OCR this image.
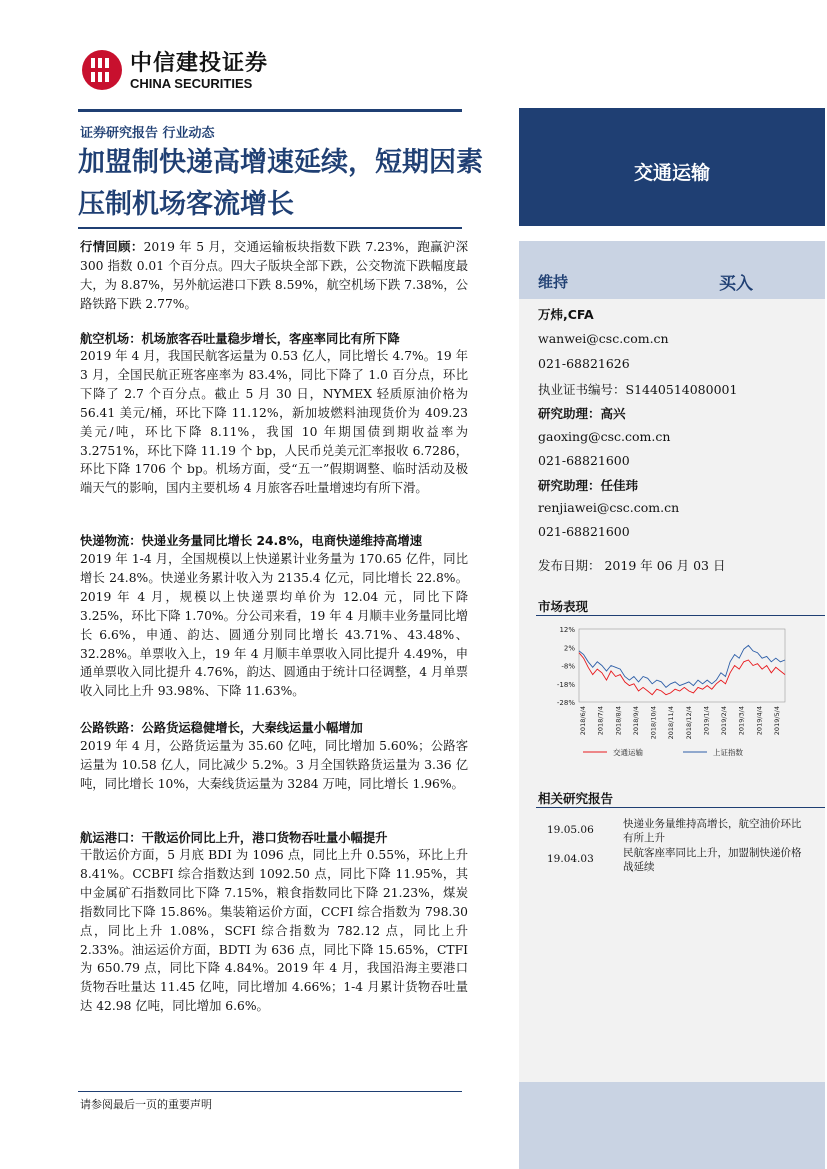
中信建投证券
CHINA SECURITIES
证券研究报告 行业动态
加盟制快递高增速延续，短期因素压制机场客流增长
交通运输
维持	买入
万炜,CFA
wanwei@csc.com.cn
021-68821626
执业证书编号：S1440514080001
研究助理：高兴
gaoxing@csc.com.cn
021-68821600
研究助理：任佳玮
renjiawei@csc.com.cn
021-68821600
发布日期： 2019 年 06 月 03 日
市场表现
相关研究报告
19.05.06	快递业务量维持高增长，航空油价环比有所上升
19.04.03	民航客座率同比上升，加盟制快递价格战延续
12%
2%
-8%
-18%
-28%
2018/6/4 2018/7/4 2018/8/4 2018/9/4 2018/10/4 2018/11/4 2018/12/4 2019/1/4 2019/2/4 2019/3/4 2019/4/4 2019/5/4
交通运输	上证指数
行情回顾：2019 年 5 月，交通运输板块指数下跌 7.23%，跑赢沪深 300 指数 0.01 个百分点。四大子版块全部下跌，公交物流下跌幅度最大，为 8.87%，另外航运港口下跌 8.59%，航空机场下跌 7.38%，公路铁路下跌 2.77%。
航空机场：机场旅客吞吐量稳步增长，客座率同比有所下降
2019 年 4 月，我国民航客运量为 0.53 亿人，同比增长 4.7%。19 年 3 月，全国民航正班客座率为 83.4%，同比下降了 1.0 百分点，环比下降了 2.7 个百分点。截止 5 月 30 日，NYMEX 轻质原油价格为 56.41 美元/桶，环比下降 11.12%，新加坡燃料油现货价为 409.23 美元/吨，环比下降 8.11%，我国 10 年期国债到期收益率为 3.2751%，环比下降 11.19 个 bp，人民币兑美元汇率报收 6.7286，环比下降 1706 个 bp。机场方面，受“五一”假期调整、临时活动及极端天气的影响，国内主要机场 4 月旅客吞吐量增速均有所下滑。
快递物流：快递业务量同比增长 24.8%，电商快递维持高增速
2019 年 1-4 月，全国规模以上快递累计业务量为 170.65 亿件，同比增长 24.8%。快递业务累计收入为 2135.4 亿元，同比增长 22.8%。2019 年 4 月，规模以上快递票均单价为 12.04 元，同比下降 3.25%，环比下降 1.70%。分公司来看，19 年 4 月顺丰业务量同比增长 6.6%，申通、韵达、圆通分别同比增长 43.71%、43.48%、32.28%。单票收入上，19 年 4 月顺丰单票收入同比提升 4.49%，申通单票收入同比提升 4.76%，韵达、圆通由于统计口径调整，4 月单票收入同比上升 93.98%、下降 11.63%。
公路铁路：公路货运稳健增长，大秦线运量小幅增加
2019 年 4 月，公路货运量为 35.60 亿吨，同比增加 5.60%；公路客运量为 10.58 亿人，同比减少 5.2%。3 月全国铁路货运量为 3.36 亿吨，同比增长 10%，大秦线货运量为 3284 万吨，同比增长 1.96%。
航运港口：干散运价同比上升，港口货物吞吐量小幅提升
干散运价方面，5 月底 BDI 为 1096 点，同比上升 0.55%，环比上升 8.41%。CCBFI 综合指数达到 1092.50 点，同比下降 11.95%，其中金属矿石指数同比下降 7.15%，粮食指数同比下降 21.23%，煤炭指数同比下降 15.86%。集装箱运价方面，CCFI 综合指数为 798.30 点，同比上升 1.08%，SCFI 综合指数为 782.12 点，同比上升 2.33%。油运运价方面，BDTI 为 636 点，同比下降 15.65%，CTFI 为 650.79 点，同比下降 4.84%。2019 年 4 月，我国沿海主要港口货物吞吐量达 11.45 亿吨，同比增加 4.66%；1-4 月累计货物吞吐量达 42.98 亿吨，同比增加 6.6%。
请参阅最后一页的重要声明
